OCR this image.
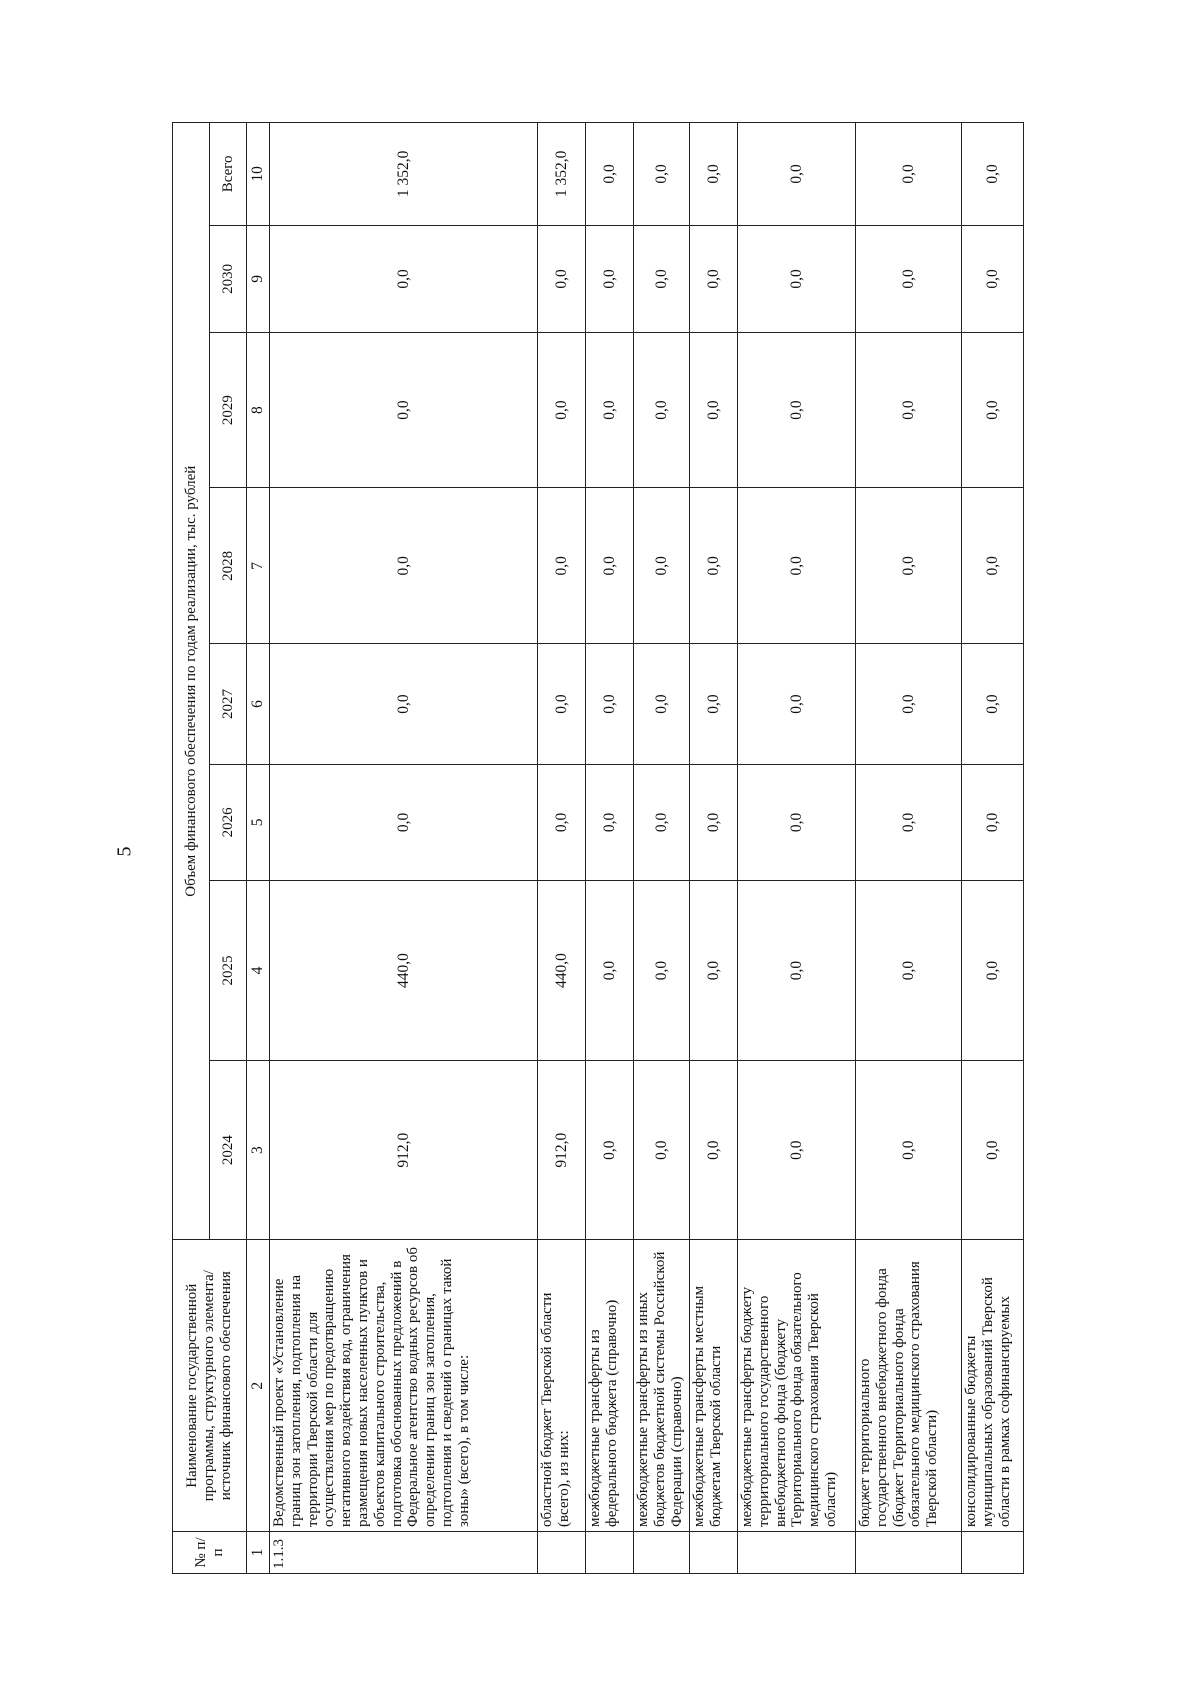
5
№ п/п	Наименование государственной программы, структурного элемента/источник финансового обеспечения	Объем финансового обеспечения по годам реализации, тыс. рублей							
		2024	2025	2026	2027	2028	2029	2030	Всего
1	2	3	4	5	6	7	8	9	10
1.1.3	Ведомственный проект «Установление границ зон затопления, подтопления на территории Тверской области для осуществления мер по предотвращению негативного воздействия вод, ограничения размещения новых населенных пунктов и объектов капитального строительства, подготовка обоснованных предложений в Федеральное агентство водных ресурсов об определении границ зон затопления, подтопления и сведений о границах такой зоны» (всего), в том числе:	912,0	440,0	0,0	0,0	0,0	0,0	0,0	1 352,0
	областной бюджет Тверской области (всего), из них:	912,0	440,0	0,0	0,0	0,0	0,0	0,0	1 352,0
	межбюджетные трансферты из федерального бюджета (справочно)	0,0	0,0	0,0	0,0	0,0	0,0	0,0	0,0
	межбюджетные трансферты из иных бюджетов бюджетной системы Российской Федерации (справочно)	0,0	0,0	0,0	0,0	0,0	0,0	0,0	0,0
	межбюджетные трансферты местным бюджетам Тверской области	0,0	0,0	0,0	0,0	0,0	0,0	0,0	0,0
	межбюджетные трансферты бюджету территориального государственного внебюджетного фонда (бюджету Территориального фонда обязательного медицинского страхования Тверской области)	0,0	0,0	0,0	0,0	0,0	0,0	0,0	0,0
	бюджет территориального государственного внебюджетного фонда (бюджет Территориального фонда обязательного медицинского страхования Тверской области)	0,0	0,0	0,0	0,0	0,0	0,0	0,0	0,0
	консолидированные бюджеты муниципальных образований Тверской области в рамках софинансируемых	0,0	0,0	0,0	0,0	0,0	0,0	0,0	0,0
